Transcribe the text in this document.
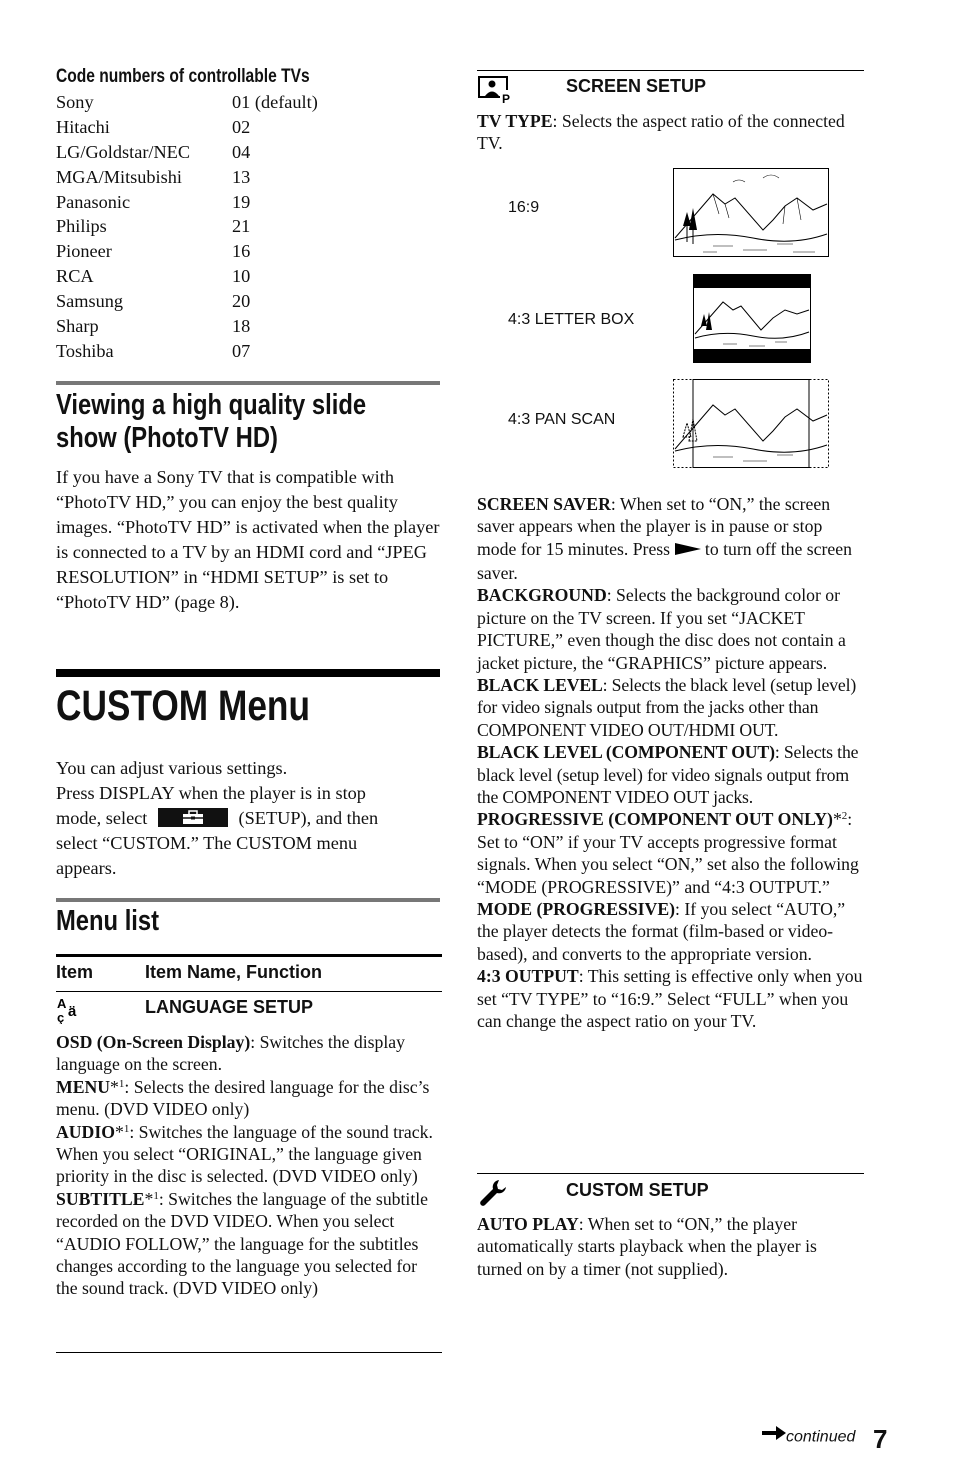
Code numbers of controllable TVs
Sony	01 (default)
Hitachi	02
LG/Goldstar/NEC 04
MGA/Mitsubishi	13
Panasonic	19
Philips	21
Pioneer	16
RCA	10
Samsung	20
Sharp	18
Toshiba	07
Viewing a high quality slide
show (PhotoTV HD)

If you have a Sony TV that is compatible with “PhotoTV HD,” you can enjoy the best quality images. “PhotoTV HD” is activated when the player is connected to a TV by an HDMI cord and “JPEG RESOLUTION” in “HDMI SETUP” is set to “PhotoTV HD” (page 8).

CUSTOM Menu

You can adjust various settings.

Press DISPLAY when the player is in stop

mode, select	(SETUP), and then

select “CUSTOM.” The CUSTOM menu

appears.

Menu list
Item	Item Name, Function
A
ç ä	LANGUAGE SETUP

OSD (On-Screen Display): Switches the display language on the screen.

MENU*$^1$: Selects the desired language for the disc’s menu. (DVD VIDEO only)

AUDIO*$^1$: Switches the language of the sound track. When you select “ORIGINAL,” the language given priority in the disc is selected. (DVD VIDEO only)

SUBTITLE*$^1$: Switches the language of the subtitle recorded on the DVD VIDEO. When you select “AUDIO FOLLOW,” the language for the subtitles changes according to the language you selected for the sound track. (DVD VIDEO only)

P
SCREEN SETUP

TV TYPE: Selects the aspect ratio of the connected TV.

16:9
4:3 LETTER BOX
4:3 PAN SCAN

SCREEN SAVER: When set to “ON,” the screen saver appears when the player is in pause or stop mode for 15 minutes. Press to turn off the screen saver.

BACKGROUND: Selects the background color or picture on the TV screen. If you set “JACKET PICTURE,” even though the disc does not contain a jacket picture, the “GRAPHICS” picture appears.

BLACK LEVEL: Selects the black level (setup level) for video signals output from the jacks other than COMPONENT VIDEO OUT/HDMI OUT.

BLACK LEVEL (COMPONENT OUT): Selects the black level (setup level) for video signals output from the COMPONENT VIDEO OUT jacks.

PROGRESSIVE (COMPONENT OUT ONLY)*$^2$: Set to “ON” if your TV accepts progressive format signals. When you select “ON,” set also the following “MODE (PROGRESSIVE)” and “4:3 OUTPUT.”

MODE (PROGRESSIVE): If you select “AUTO,” the player detects the format (film-based or video-based), and converts to the appropriate version.

4:3 OUTPUT: This setting is effective only when you set “TV TYPE” to “16:9.” Select “FULL” when you can change the aspect ratio on your TV.

CUSTOM SETUP

AUTO PLAY: When set to “ON,” the player automatically starts playback when the player is turned on by a timer (not supplied).

continued 7
